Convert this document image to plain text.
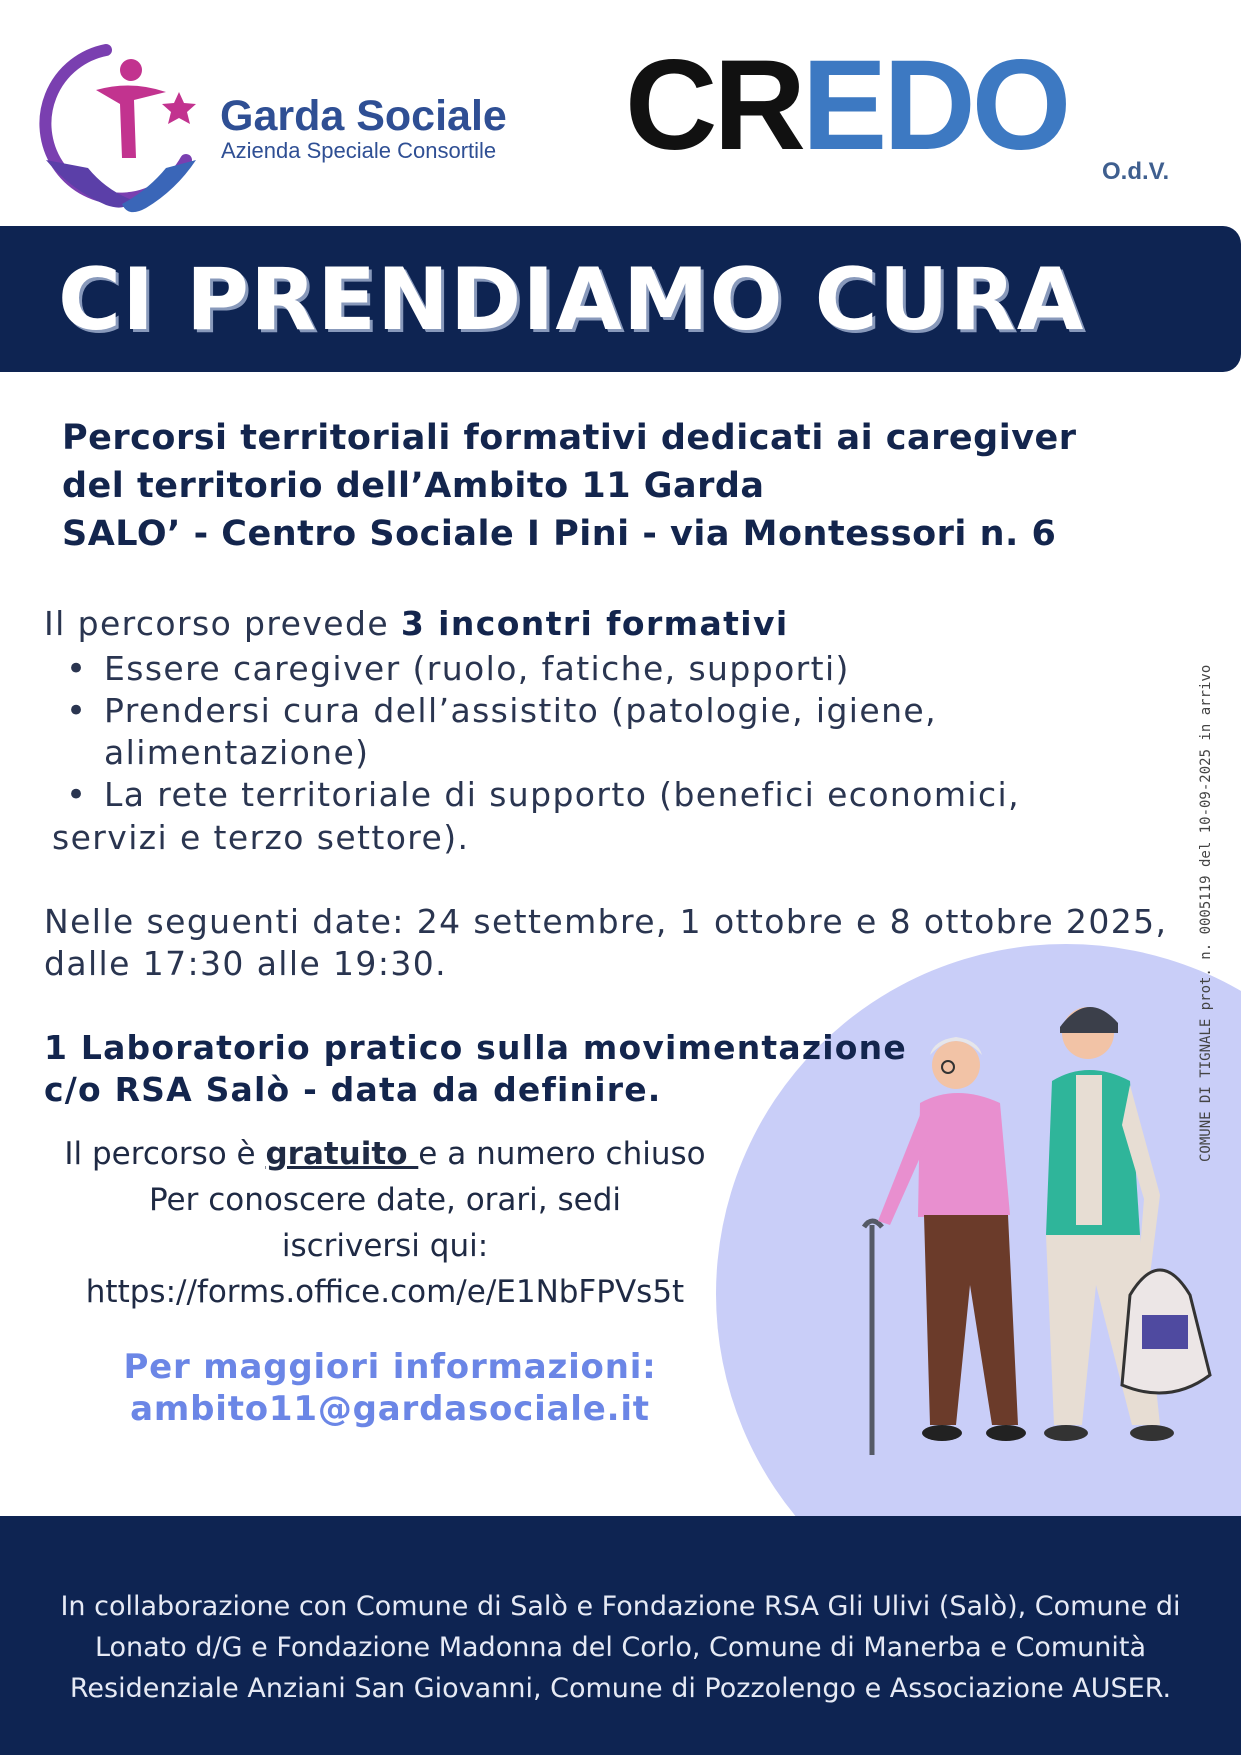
Garda Sociale
Azienda Speciale Consortile CREDO O.d.V.
CI PRENDIAMO CURA
Percorsi territoriali formativi dedicati ai caregiver
del territorio dell’Ambito 11 Garda
SALO’ - Centro Sociale I Pini - via Montessori n. 6
Il percorso prevede 3 incontri formativi
• Essere caregiver (ruolo, fatiche, supporti)
• Prendersi cura dell’assistito (patologie, igiene,
alimentazione)
• La rete territoriale di supporto (benefici economici,
servizi e terzo settore).
Nelle seguenti date: 24 settembre, 1 ottobre e 8 ottobre 2025,
dalle 17:30 alle 19:30.
1 Laboratorio pratico sulla movimentazione
c/o RSA Salò - data da definire.
Il percorso è gratuito e a numero chiuso
Per conoscere date, orari, sedi
iscriversi qui:
https://forms.office.com/e/E1NbFPVs5t
Per maggiori informazioni:
ambito11@gardasociale.it
In collaborazione con Comune di Salò e Fondazione RSA Gli Ulivi (Salò), Comune di
Lonato d/G e Fondazione Madonna del Corlo, Comune di Manerba e Comunità
Residenziale Anziani San Giovanni, Comune di Pozzolengo e Associazione AUSER.
COMUNE DI TIGNALE prot. n. 0005119 del 10-09-2025 in arrivo
